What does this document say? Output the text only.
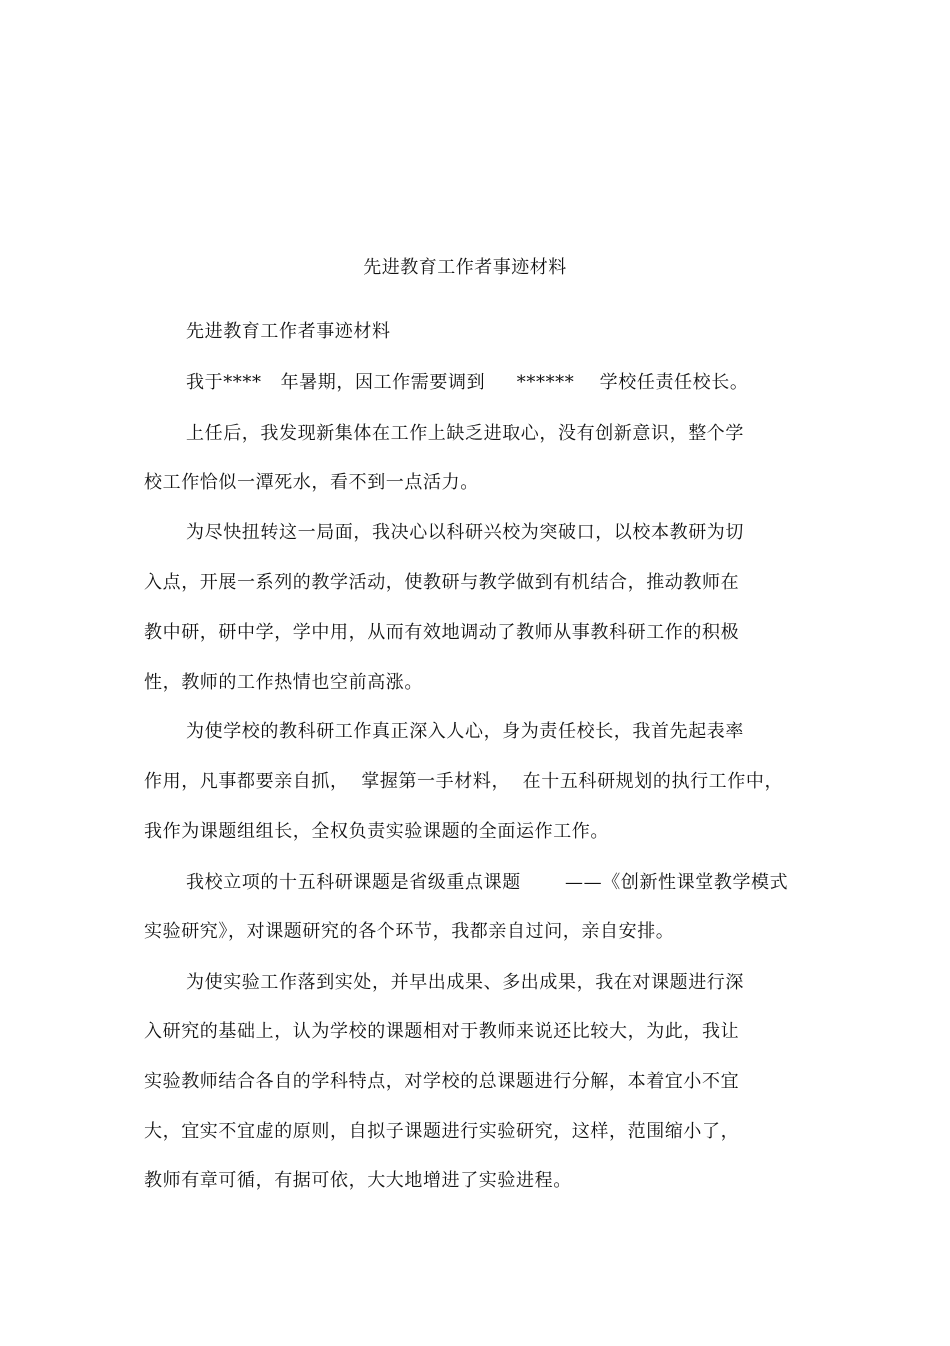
先进教育工作者事迹材料
先进教育工作者事迹材料
我于****   年暑期，因工作需要调到     ******    学校任责任校长。
上任后，我发现新集体在工作上缺乏进取心，没有创新意识，整个学
校工作恰似一潭死水，看不到一点活力。
为尽快扭转这一局面，我决心以科研兴校为突破口，以校本教研为切
入点，开展一系列的教学活动，使教研与教学做到有机结合，推动教师在
教中研，研中学，学中用，从而有效地调动了教师从事教科研工作的积极
性，教师的工作热情也空前高涨。
为使学校的教科研工作真正深入人心，身为责任校长，我首先起表率
作用，凡事都要亲自抓，  掌握第一手材料，  在十五科研规划的执行工作中，
我作为课题组组长，全权负责实验课题的全面运作工作。
我校立项的十五科研课题是省级重点课题       ——《创新性课堂教学模式
实验研究》，对课题研究的各个环节，我都亲自过问，亲自安排。
为使实验工作落到实处，并早出成果、多出成果，我在对课题进行深
入研究的基础上，认为学校的课题相对于教师来说还比较大，为此，我让
实验教师结合各自的学科特点，对学校的总课题进行分解，本着宜小不宜
大，宜实不宜虚的原则，自拟子课题进行实验研究，这样，范围缩小了，
教师有章可循，有据可依，大大地增进了实验进程。
